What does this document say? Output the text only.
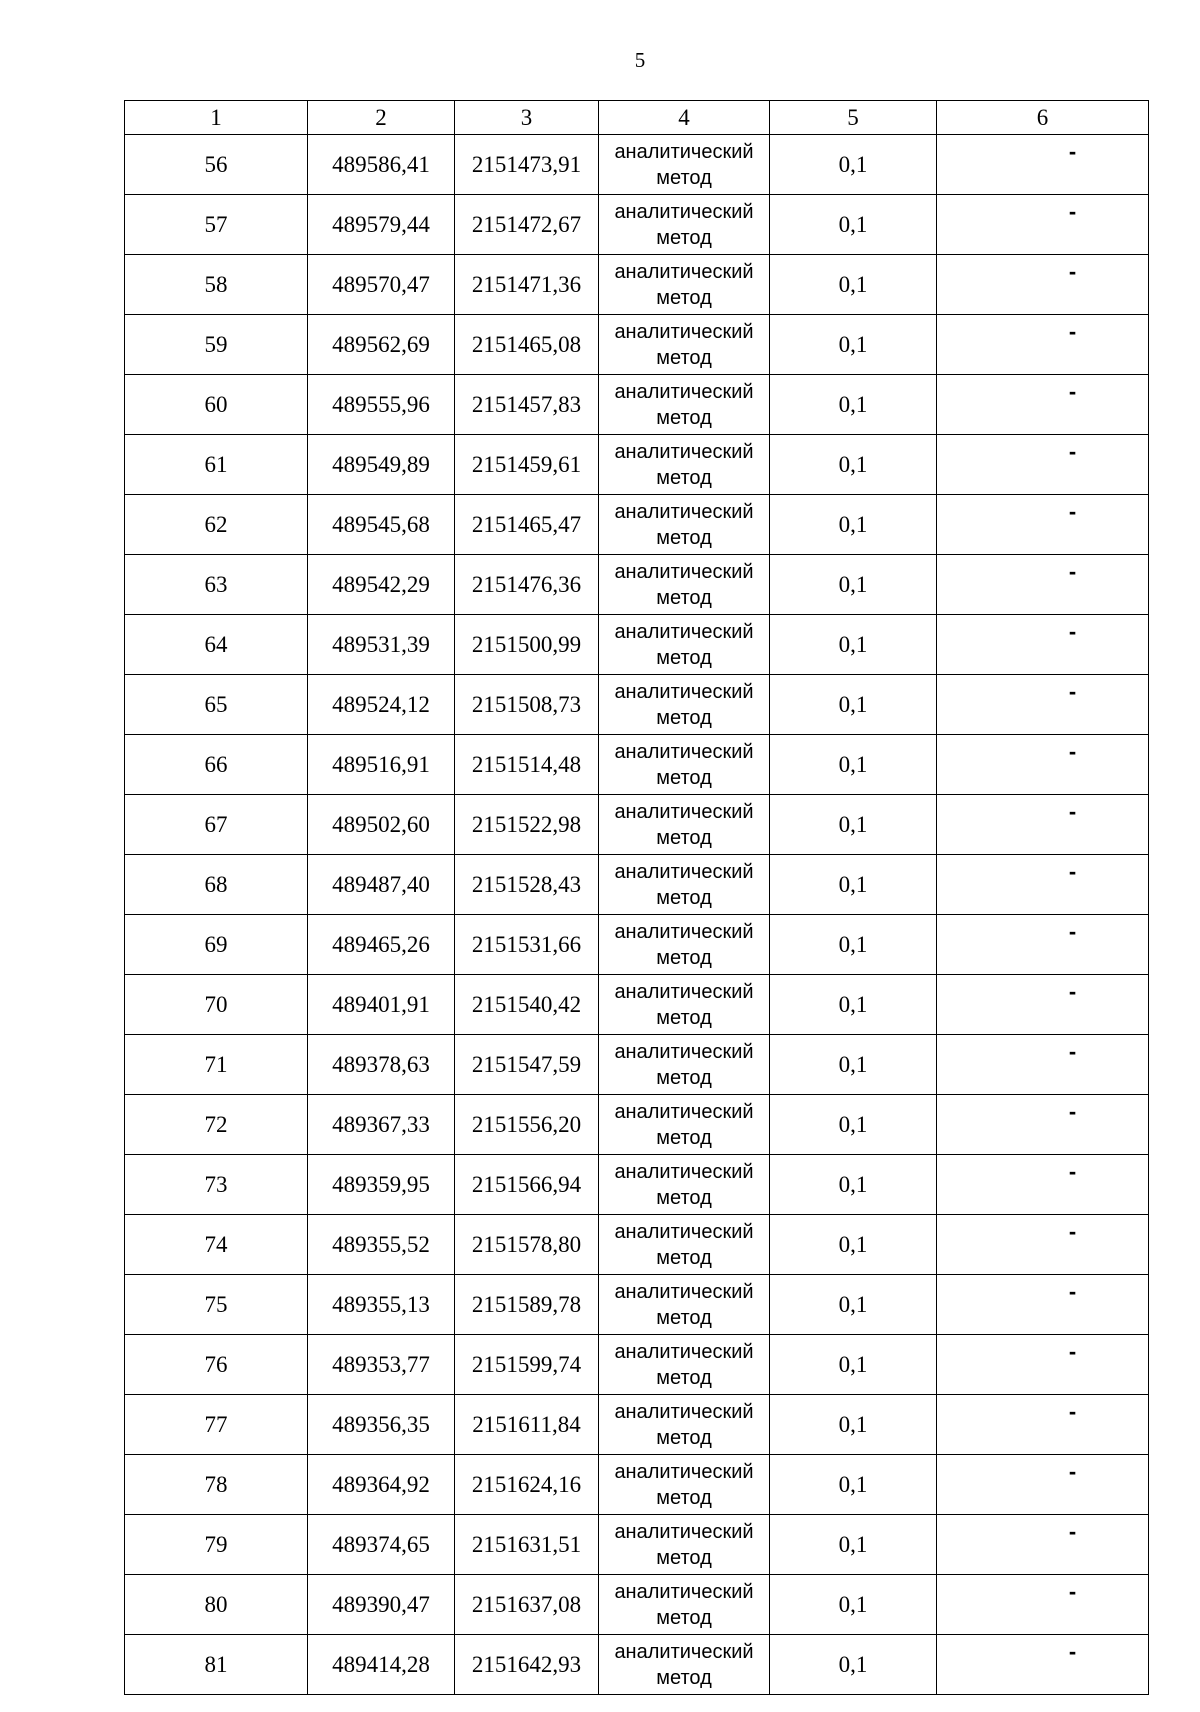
5
1	2	3	4	5	6
56	489586,41	2151473,91	аналитический
метод	0,1	-
57	489579,44	2151472,67	аналитический
метод	0,1	-
58	489570,47	2151471,36	аналитический
метод	0,1	-
59	489562,69	2151465,08	аналитический
метод	0,1	-
60	489555,96	2151457,83	аналитический
метод	0,1	-
61	489549,89	2151459,61	аналитический
метод	0,1	-
62	489545,68	2151465,47	аналитический
метод	0,1	-
63	489542,29	2151476,36	аналитический
метод	0,1	-
64	489531,39	2151500,99	аналитический
метод	0,1	-
65	489524,12	2151508,73	аналитический
метод	0,1	-
66	489516,91	2151514,48	аналитический
метод	0,1	-
67	489502,60	2151522,98	аналитический
метод	0,1	-
68	489487,40	2151528,43	аналитический
метод	0,1	-
69	489465,26	2151531,66	аналитический
метод	0,1	-
70	489401,91	2151540,42	аналитический
метод	0,1	-
71	489378,63	2151547,59	аналитический
метод	0,1	-
72	489367,33	2151556,20	аналитический
метод	0,1	-
73	489359,95	2151566,94	аналитический
метод	0,1	-
74	489355,52	2151578,80	аналитический
метод	0,1	-
75	489355,13	2151589,78	аналитический
метод	0,1	-
76	489353,77	2151599,74	аналитический
метод	0,1	-
77	489356,35	2151611,84	аналитический
метод	0,1	-
78	489364,92	2151624,16	аналитический
метод	0,1	-
79	489374,65	2151631,51	аналитический
метод	0,1	-
80	489390,47	2151637,08	аналитический
метод	0,1	-
81	489414,28	2151642,93	аналитический
метод	0,1	-
